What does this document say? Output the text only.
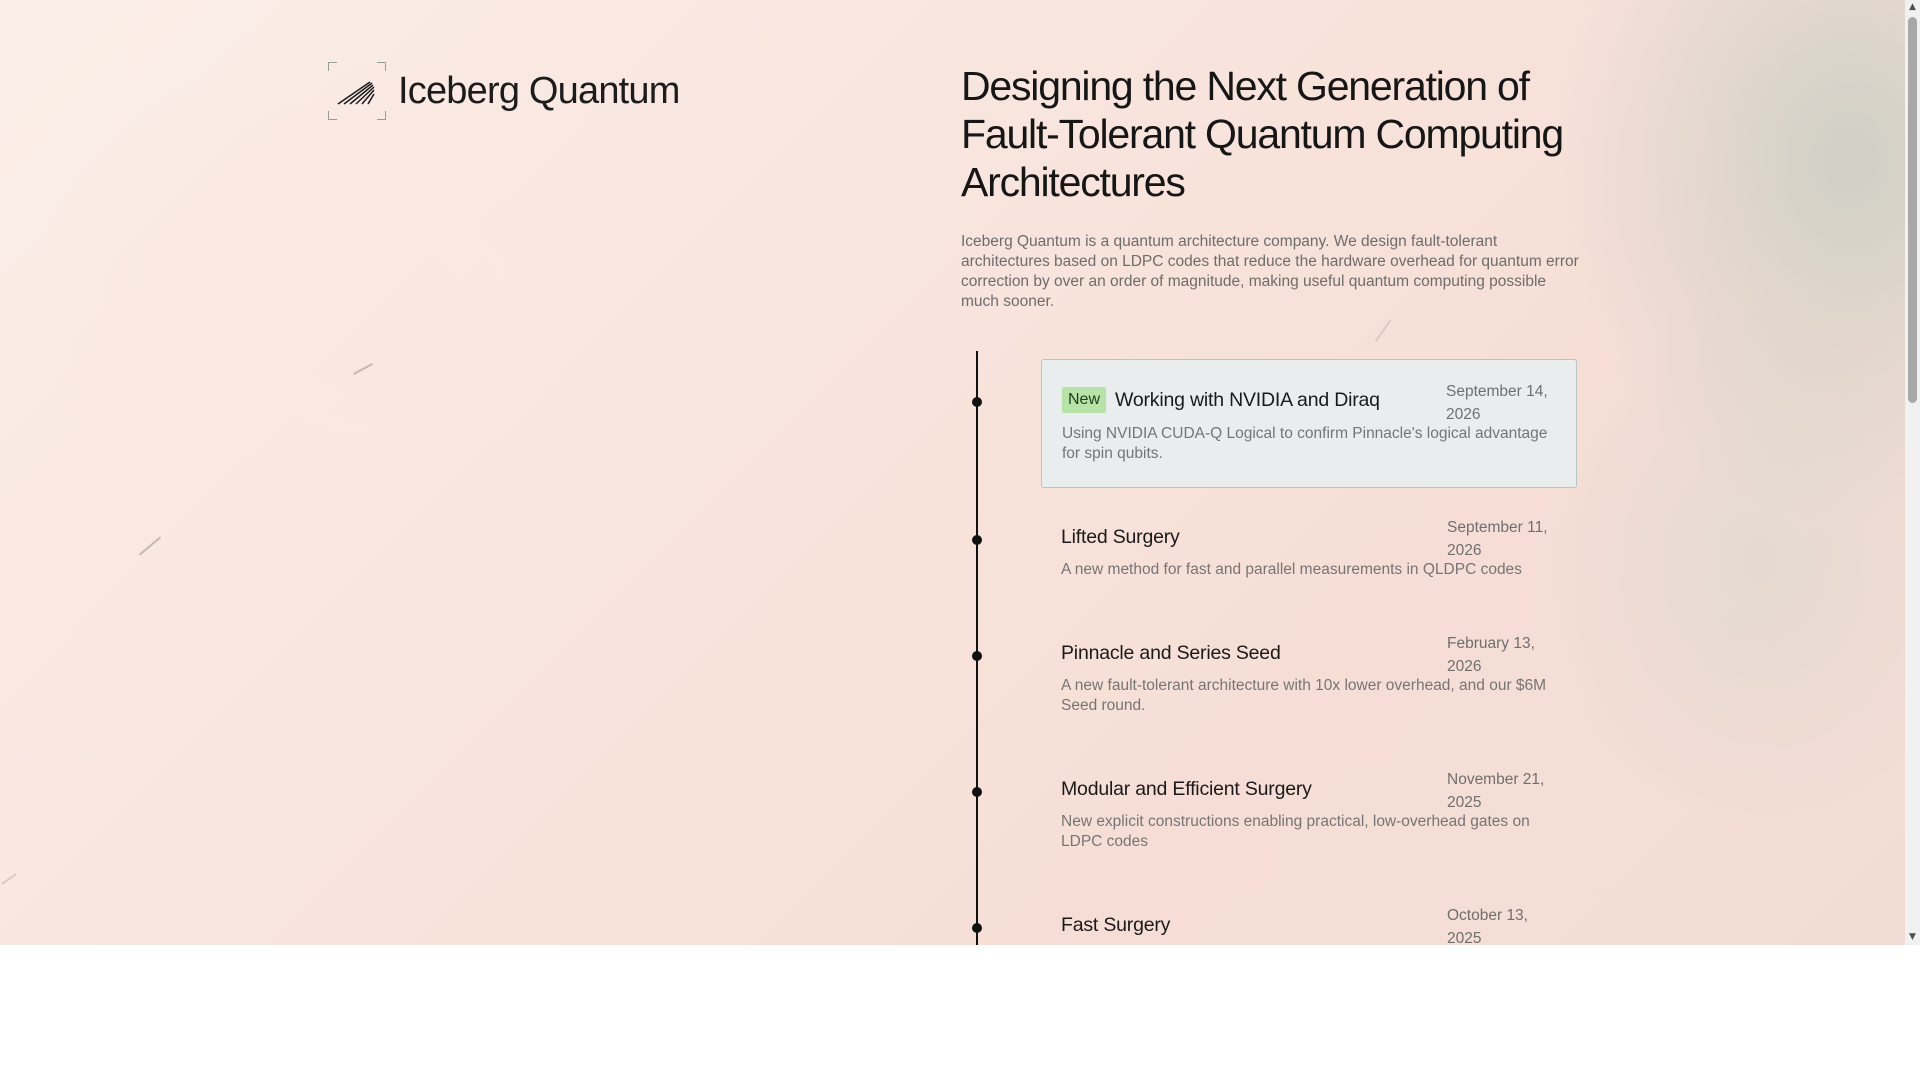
Iceberg Quantum	Designing the Next Generation of Fault-Tolerant Quantum Computing Architectures

Iceberg Quantum is a quantum architecture company. We design fault-tolerant architectures based on LDPC codes that reduce the hardware overhead for quantum error correction by over an order of magnitude, making useful quantum computing possible much sooner.

New Working with NVIDIA and Diraq	September 14, 2026
Using NVIDIA CUDA-Q Logical to confirm Pinnacle's logical advantage for spin qubits.
Lifted Surgery	September 11, 2026
A new method for fast and parallel measurements in QLDPC codes
Pinnacle and Series Seed	February 13, 2026
A new fault-tolerant architecture with 10x lower overhead, and our $6M Seed round.
Modular and Efficient Surgery	November 21, 2025
New explicit constructions enabling practical, low-overhead gates on LDPC codes
Fast Surgery	October 13, 2025
▲
▼
